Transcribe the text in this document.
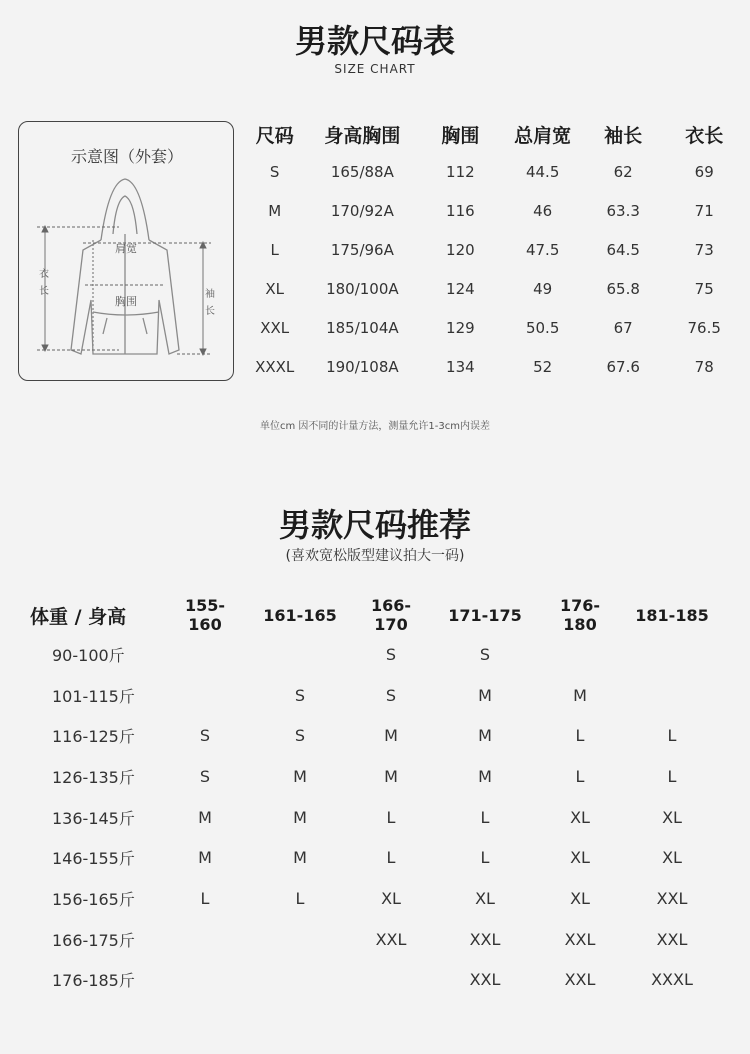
男款尺码表
SIZE CHART
示意图（外套）
肩宽
胸围
衣
长	袖
长
尺码	身高胸围	胸围	总肩宽	袖长	衣长
S	165/88A	112	44.5	62	69
M	170/92A	116	46	63.3	71
L	175/96A	120	47.5	64.5	73
XL	180/100A	124	49	65.8	75
XXL	185/104A	129	50.5	67	76.5
XXXL	190/108A	134	52	67.6	78
单位cm 因不同的计量方法，测量允许1-3cm内误差
男款尺码推荐
(喜欢宽松版型建议拍大一码)
体重 / 身高	155-160	161-165	166-170	171-175	176-180	181-185
90-100斤			S	S		
101-115斤		S	S	M	M	
116-125斤	S	S	M	M	L	L
126-135斤	S	M	M	M	L	L
136-145斤	M	M	L	L	XL	XL
146-155斤	M	M	L	L	XL	XL
156-165斤	L	L	XL	XL	XL	XXL
166-175斤			XXL	XXL	XXL	XXL
176-185斤				XXL	XXL	XXXL
